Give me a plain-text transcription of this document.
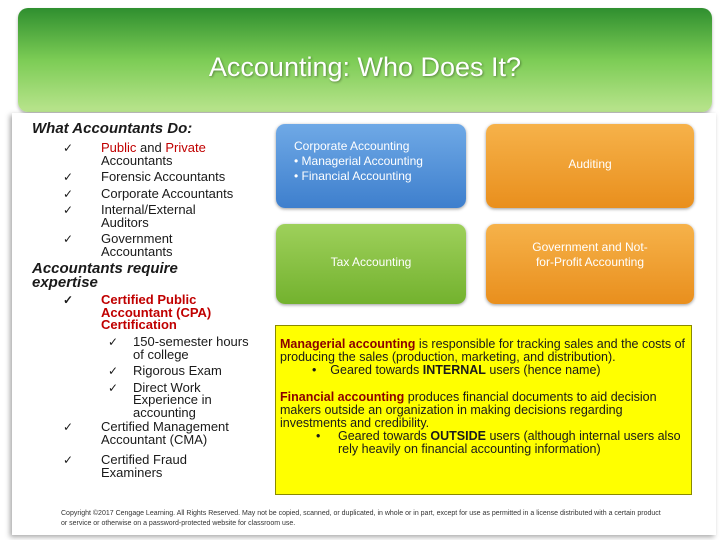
Accounting: Who Does It?
What Accountants Do:
✓ Public and Private
Accountants
✓ Forensic Accountants
✓ Corporate Accountants
✓ Internal/External Auditors
✓ Government Accountants
Accountants require expertise
✓ Certified Public Accountant (CPA) Certification
✓ 150-semester hours of college
✓ Rigorous Exam
✓ Direct Work Experience in accounting
✓ Certified Management Accountant (CMA)
✓ Certified Fraud Examiners
Corporate Accounting
• Managerial Accounting
• Financial Accounting
Auditing
Tax Accounting
Government and Not-for-Profit Accounting

Managerial accounting is responsible for tracking sales and the costs of producing the sales (production, marketing, and distribution).

• Geared towards INTERNAL users (hence name)

Financial accounting produces financial documents to aid decision makers outside an organization in making decisions regarding investments and credibility.

•	Geared towards OUTSIDE users (although internal users also rely heavily on financial accounting information)

Copyright ©2017 Cengage Learning. All Rights Reserved. May not be copied, scanned, or duplicated, in whole or in part, except for use as permitted in a license distributed with a certain product or service or otherwise on a password-protected website for classroom use.
